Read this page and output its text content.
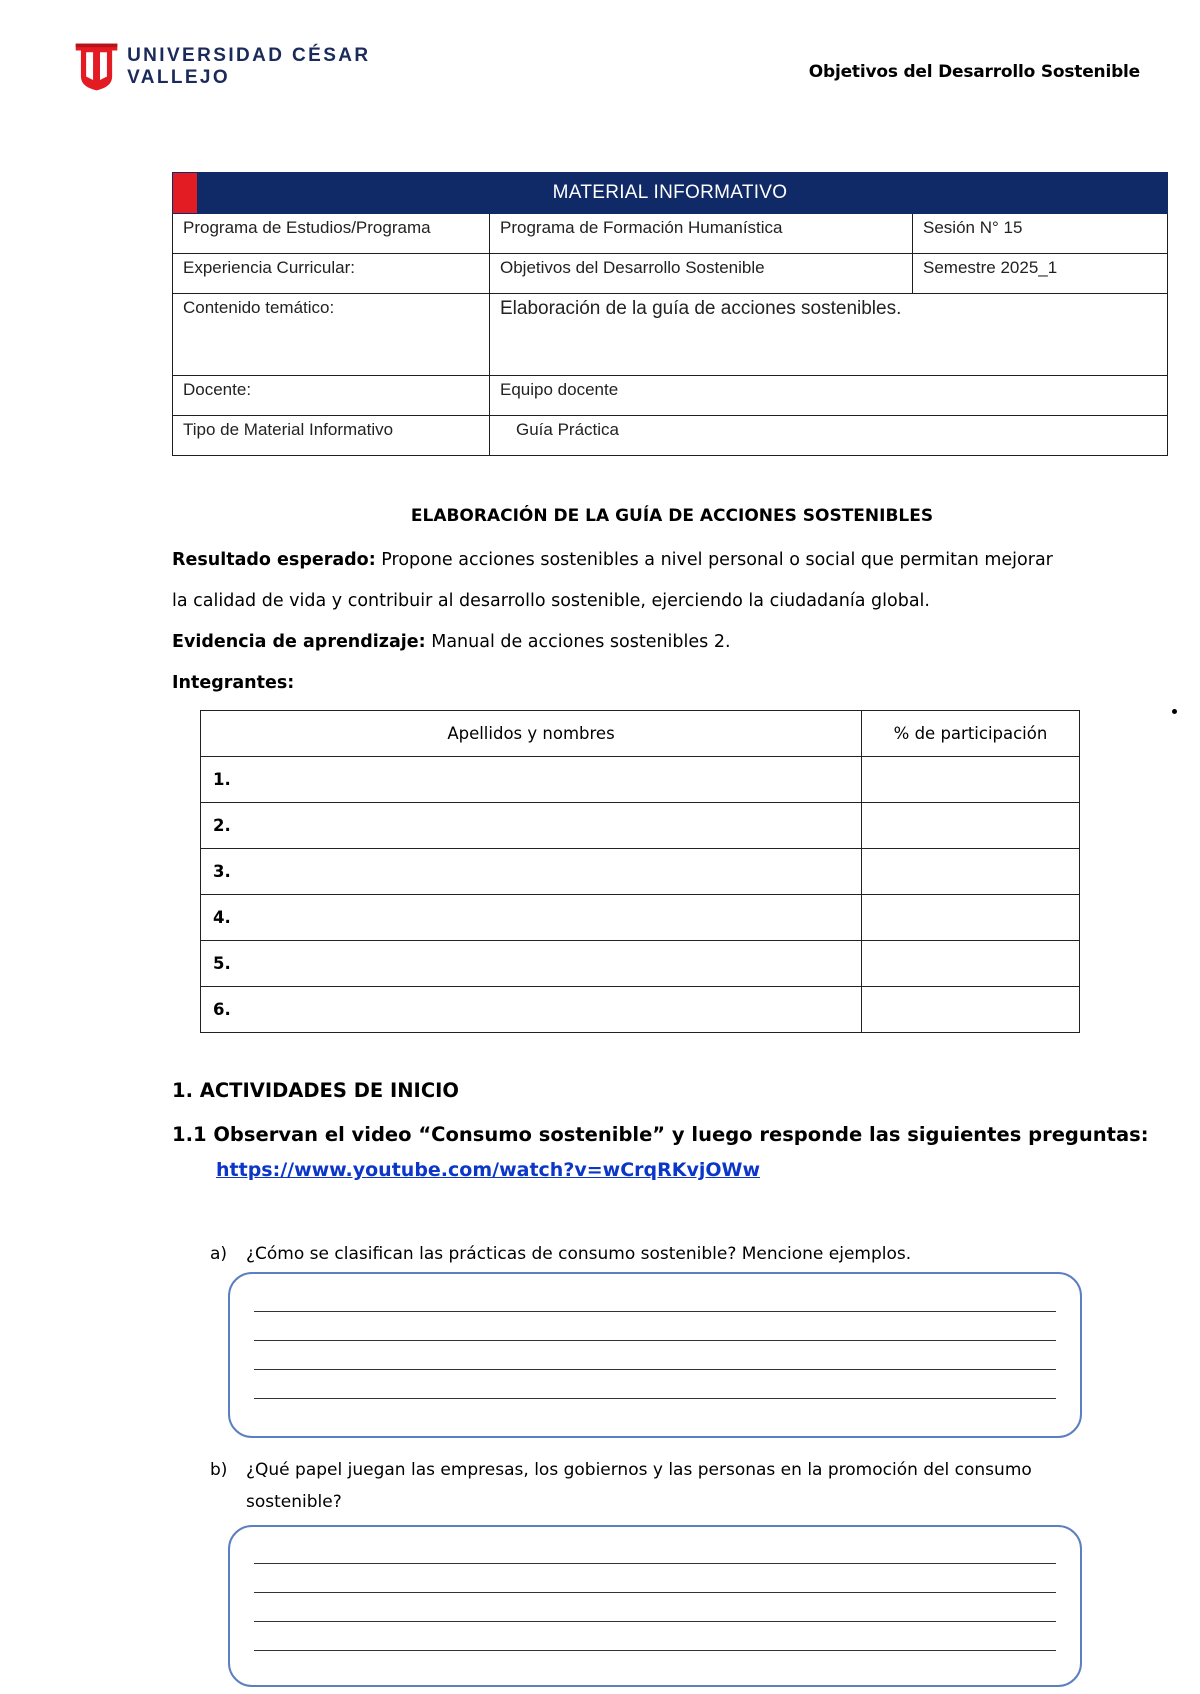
UNIVERSIDAD CÉSAR VALLEJO	Objetivos del Desarrollo Sostenible
MATERIAL INFORMATIVO		
Programa de Estudios/Programa	Programa de Formación Humanística	Sesión N° 15
Experiencia Curricular:	Objetivos del Desarrollo Sostenible	Semestre 2025_1
Contenido temático:	Elaboración de la guía de acciones sostenibles.	
Docente:	Equipo docente	
Tipo de Material Informativo	Guía Práctica	
ELABORACIÓN DE LA GUÍA DE ACCIONES SOSTENIBLES
Resultado esperado: Propone acciones sostenibles a nivel personal o social que permitan mejorar
la calidad de vida y contribuir al desarrollo sostenible, ejerciendo la ciudadanía global.
Evidencia de aprendizaje: Manual de acciones sostenibles 2.
Integrantes:
Apellidos y nombres	% de participación
1.	
2.	
3.	
4.	
5.	
6.	
1. ACTIVIDADES DE INICIO
1.1 Observan el video “Consumo sostenible” y luego responde las siguientes preguntas:
https://www.youtube.com/watch?v=wCrqRKvjOWw
a)	¿Cómo se clasifican las prácticas de consumo sostenible? Mencione ejemplos.
b)	¿Qué papel juegan las empresas, los gobiernos y las personas en la promoción del consumo sostenible?
